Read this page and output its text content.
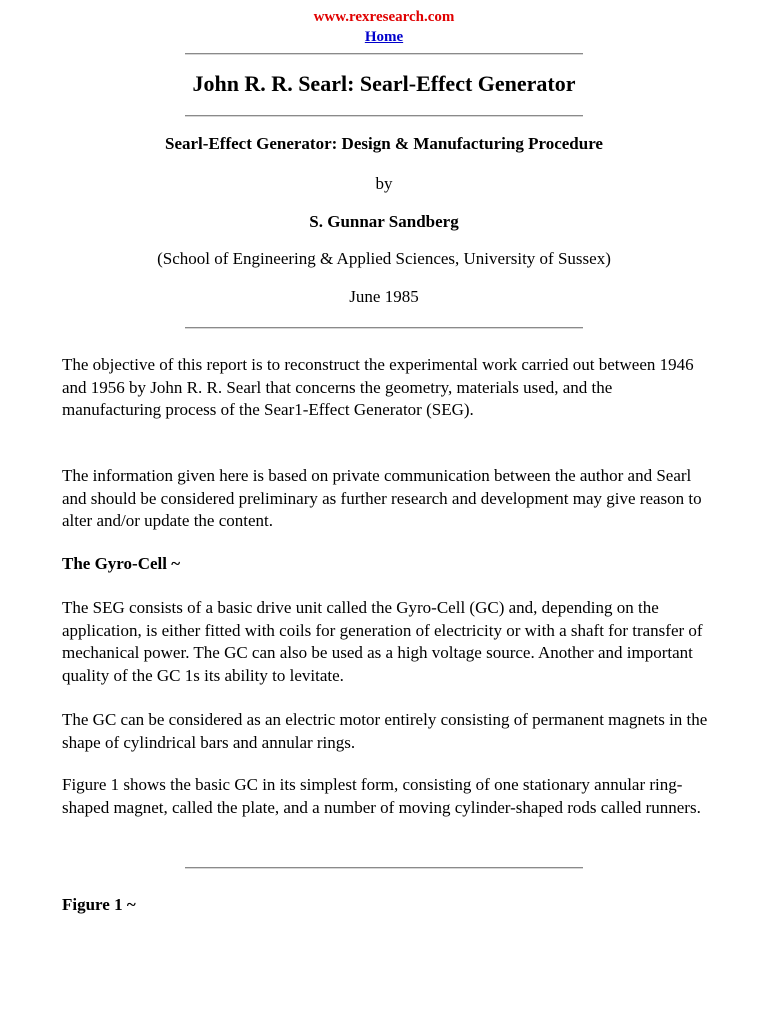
www.rexresearch.com
Home
John R. R. Searl: Searl-Effect Generator
Searl-Effect Generator: Design & Manufacturing Procedure
by
S. Gunnar Sandberg
(School of Engineering & Applied Sciences, University of Sussex)
June 1985

The objective of this report is to reconstruct the experimental work carried out between 1946 and 1956 by John R. R. Searl that concerns the geometry, materials used, and the manufacturing process of the Sear1-Effect Generator (SEG).

The information given here is based on private communication between the author and Searl and should be considered preliminary as further research and development may give reason to alter and/or update the content.

The Gyro-Cell ~

The SEG consists of a basic drive unit called the Gyro-Cell (GC) and, depending on the application, is either fitted with coils for generation of electricity or with a shaft for transfer of mechanical power. The GC can also be used as a high voltage source. Another and important quality of the GC 1s its ability to levitate.

The GC can be considered as an electric motor entirely consisting of permanent magnets in the shape of cylindrical bars and annular rings.

Figure 1 shows the basic GC in its simplest form, consisting of one stationary annular ring-shaped magnet, called the plate, and a number of moving cylinder-shaped rods called runners.

Figure 1 ~
